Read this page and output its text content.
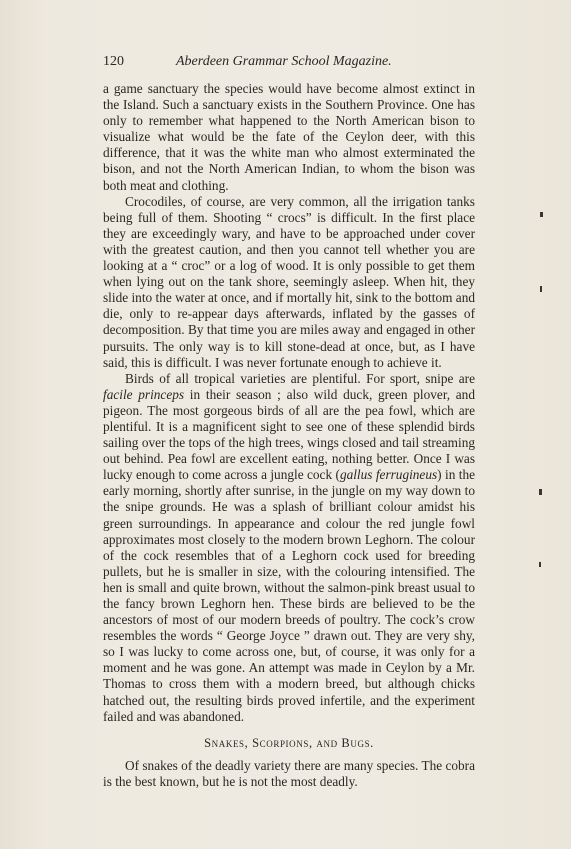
120	Aberdeen Grammar School Magazine.

a game sanctuary the species would have become almost extinct in the Island. Such a sanctuary exists in the Southern Province. One has only to remember what happened to the North American bison to visualize what would be the fate of the Ceylon deer, with this difference, that it was the white man who almost exterminated the bison, and not the North American Indian, to whom the bison was both meat and clothing.

Crocodiles, of course, are very common, all the irrigation tanks being full of them. Shooting “ crocs” is difficult. In the first place they are exceedingly wary, and have to be approached under cover with the greatest caution, and then you cannot tell whether you are looking at a “ croc” or a log of wood. It is only possible to get them when lying out on the tank shore, seemingly asleep. When hit, they slide into the water at once, and if mortally hit, sink to the bottom and die, only to re-appear days afterwards, inflated by the gasses of decomposition. By that time you are miles away and engaged in other pursuits. The only way is to kill stone-dead at once, but, as I have said, this is difficult. I was never fortunate enough to achieve it.

Birds of all tropical varieties are plentiful. For sport, snipe are facile princeps in their season ; also wild duck, green plover, and pigeon. The most gorgeous birds of all are the pea fowl, which are plentiful. It is a magnificent sight to see one of these splendid birds sailing over the tops of the high trees, wings closed and tail streaming out behind. Pea fowl are excellent eating, nothing better. Once I was lucky enough to come across a jungle cock (gallus ferrugineus) in the early morning, shortly after sunrise, in the jungle on my way down to the snipe grounds. He was a splash of brilliant colour amidst his green surroundings. In appearance and colour the red jungle fowl approximates most closely to the modern brown Leghorn. The colour of the cock resembles that of a Leghorn cock used for breeding pullets, but he is smaller in size, with the colouring intensified. The hen is small and quite brown, without the salmon-pink breast usual to the fancy brown Leghorn hen. These birds are believed to be the ancestors of most of our modern breeds of poultry. The cock’s crow resembles the words “ George Joyce ” drawn out. They are very shy, so I was lucky to come across one, but, of course, it was only for a moment and he was gone. An attempt was made in Ceylon by a Mr. Thomas to cross them with a modern breed, but although chicks hatched out, the resulting birds proved infertile, and the experiment failed and was abandoned.

Snakes, Scorpions, and Bugs.

Of snakes of the deadly variety there are many species. The cobra is the best known, but he is not the most deadly.
